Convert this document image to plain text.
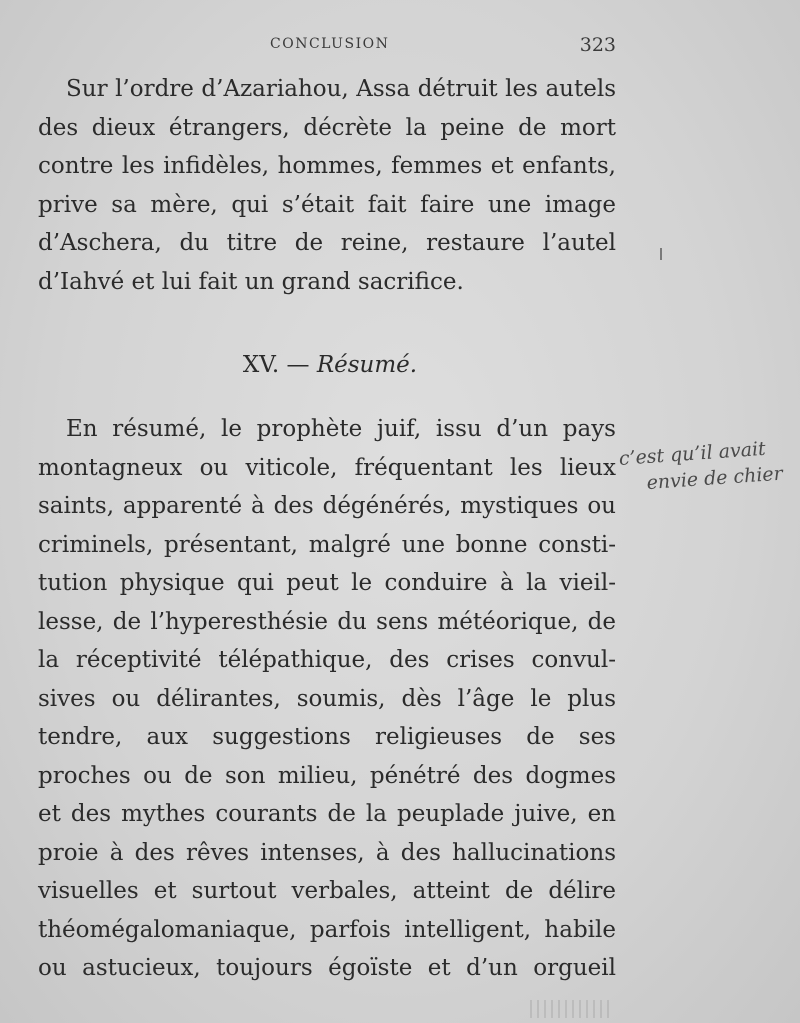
CONCLUSION	323
Sur l’ordre d’Azariahou, Assa détruit les autels
des dieux étrangers, décrète la peine de mort
contre les infidèles, hommes, femmes et enfants,
prive sa mère, qui s’était fait faire une image
d’Aschera, du titre de reine, restaure l’autel
d’Iahvé et lui fait un grand sacrifice.
XV. — Résumé.
En résumé, le prophète juif, issu d’un pays
montagneux ou viticole, fréquentant les lieux
saints, apparenté à des dégénérés, mystiques ou
criminels, présentant, malgré une bonne consti-
tution physique qui peut le conduire à la vieil-
lesse, de l’hyperesthésie du sens météorique, de
la réceptivité télépathique, des crises convul-
sives ou délirantes, soumis, dès l’âge le plus
tendre, aux suggestions religieuses de ses
proches ou de son milieu, pénétré des dogmes
et des mythes courants de la peuplade juive, en
proie à des rêves intenses, à des hallucinations
visuelles et surtout verbales, atteint de délire
théomégalomaniaque, parfois intelligent, habile
ou astucieux, toujours égoïste et d’un orgueil
c’est qu’il avait
envie de chier
